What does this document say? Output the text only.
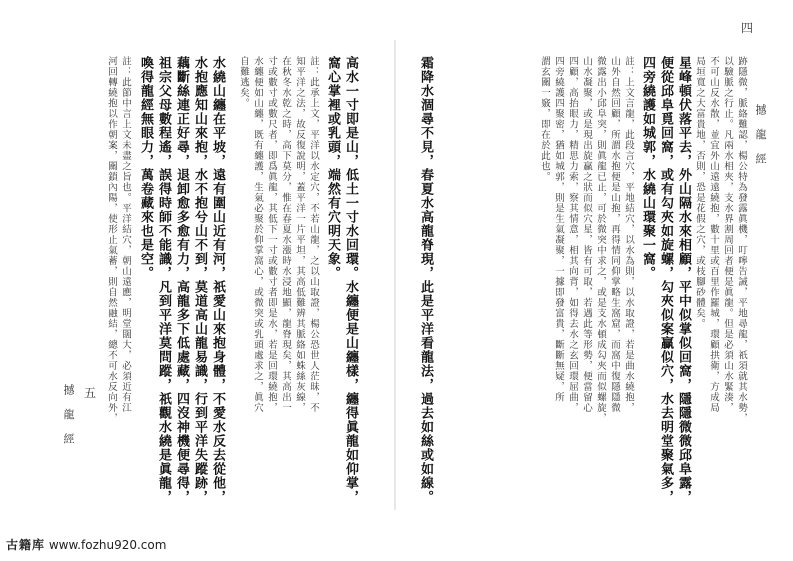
撼 龍 經
四
跡隱微，脈絡難認，楊公特為發露眞機，叮嚀告誡，平地尋龍，祇須就其水勢，
以驗脈之行止。凡兩水相夾，支水界割周回者便是眞龍。但是必須山水緊湊，
不可山反水散，並宜外山遠遠繞抱，數十里或百里作羅城，環顧拱衛，方成局
局垣寬之大富貴地，否則，恐是花假之穴，或枝腳砂體矣。
星峰頓伏落平去，外山隔水來相顧，平中似掌似回窩，隱隱微微邱阜露，
便從邱阜覓回窩，或有勾夾如旋螺，勾夾似案贏似穴，水去明堂聚氣多，
四旁繞護如城郭，水繞山環聚一窩。
註：上文言龍，此段言穴，平地結穴，以水為則，以水取證，若是曲水繞抱，
山外自然回顧，所謂水抱便是山抱，再得情同仰掌略生窩窟，而窩中復隱隱微
微露出小邱阜突，則眞龍已止，可於微突中求之，或是支水頓成勾夾而似螺旋，
山水凝聚，或是現出旋贏之狀而似穴星，皆有可取，若遇此等形勢，便當留心
四顧，高抬眼力，精思力索，察其情意，相其向背，如得去水之玄回環屈曲，
四旁繞護四聚密，猶如城郭，則是生氣凝聚，一據即發富貴，斷斷無疑，所
謂玄關一竅，即在於此也。
霜降水涸尋不見，春夏水高龍脊現，此是平洋看龍法，過去如絲或如線。
高水一寸即是山，低土一寸水回環。水纏便是山纏樣，纏得眞龍如仰掌，
窩心掌裡或乳頭，端然有穴明天象。
註：此承上文，平洋以水定穴，不若山龍，之以山取證，楊公恐世人茫昧，不
知平洋之法，故反復說明，蓋平洋一片平坦，其高低難辨其脈絡如蛛絲灰線，
在秋冬水乾之時，高下莫分，惟在春夏水漲時水浸地顯，龍脊現矣，其高出一
寸或數寸或數尺者，即爲眞龍，其低下一寸或數寸者即是水，若是回環繞抱，
水纏便如山纏，既有纏護，生氣必聚於仰掌窩心，或微突或乳頭處求之，眞穴
自難逃矣。
水繞山纏在平坡，遠有圍山近有河，祇愛山來抱身體，不愛水反去從他，
水抱應知山來抱，水不抱兮山不到，莫道高山龍易識，行到平洋失蹤跡，
藕斷絲連正好尋，退卸愈多愈有力，高龍多下低處藏，四沒神機便尋得，
祖宗父母數程遙，誤得時師不能識，凡到平洋莫問蹤，祇觀水繞是眞龍，
喚得龍經無眼力，萬卷藏來也是空。
註：此節中言上文未盡之旨也。平洋結穴，朝山遠應，明堂闊大，必須近有江
河回轉繞抱以作朝案，關鎖內陽，使形止氣蓄，則自然融結，總不可水反向外，
撼 龍 經 五
古籍库 www.fozhu920.com
